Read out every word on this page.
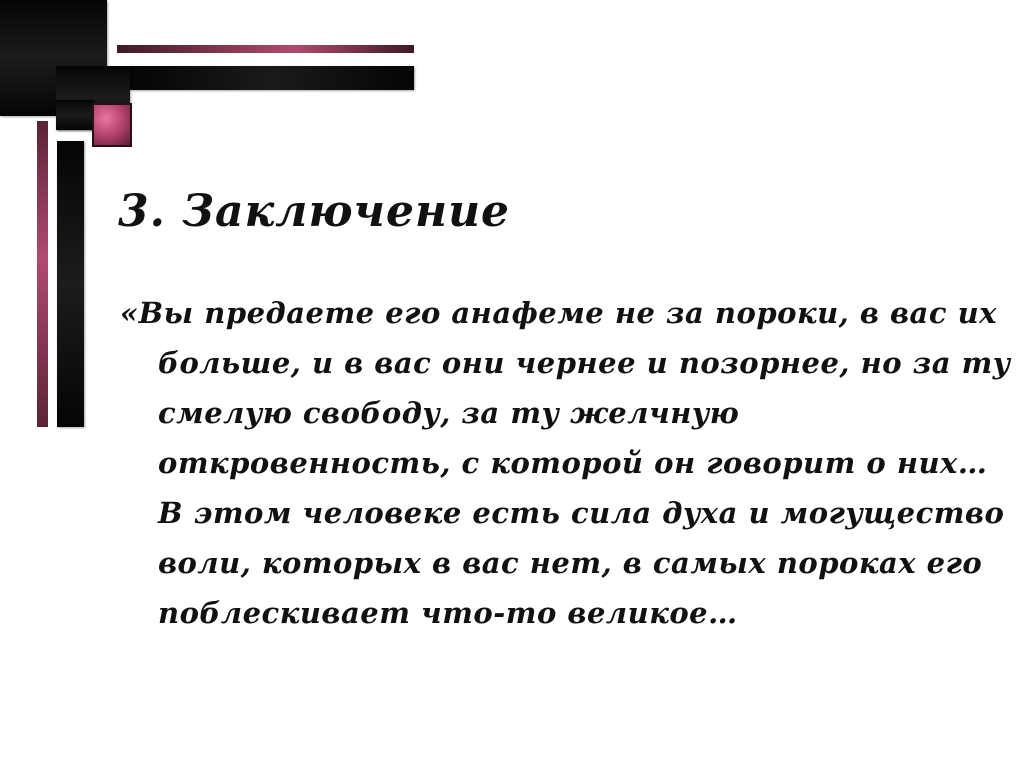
3. Заключение

«Вы предаете его анафеме не за пороки, в вас их больше, и в вас они чернее и позорнее, но за ту смелую свободу, за ту желчную откровенность, с которой он говорит о них… В этом человеке есть сила духа и могущество воли, которых в вас нет, в самых пороках его поблескивает что-то великое…
